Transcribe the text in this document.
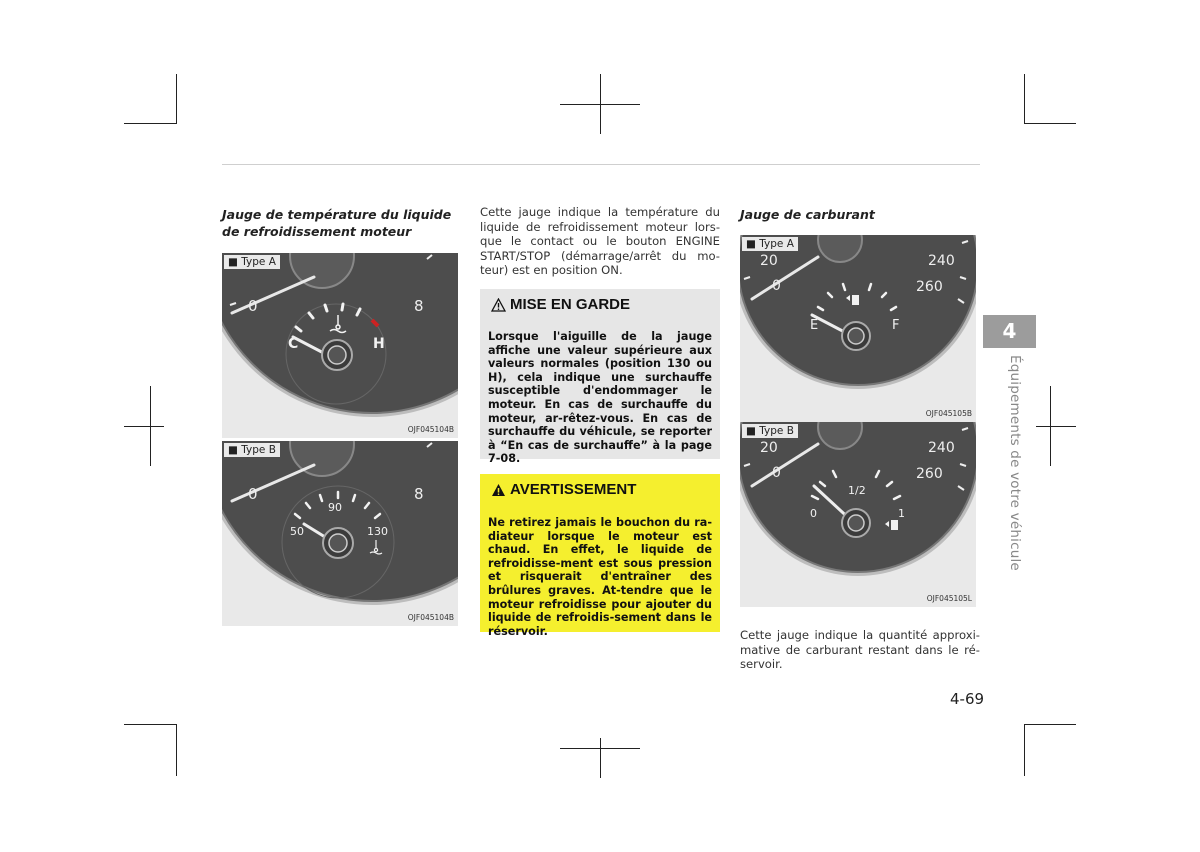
Jauge de température du liquide de refroidissement moteur
■ Type A
0	8
C	H
OJF045104B
■ Type B
0	8
50
90
130
OJF045104B
Cette jauge indique la température du liquide de refroidissement moteur lors-que le contact ou le bouton ENGINE START/STOP (démarrage/arrêt du mo-teur) est en position ON.
MISE EN GARDE
Lorsque l'aiguille de la jauge affiche une valeur supérieure aux valeurs normales (position 130 ou H), cela indique une surchauffe susceptible d'endommager le moteur. En cas de surchauffe du moteur, ar-rêtez-vous. En cas de surchauffe du véhicule, se reporter à “En cas de surchauffe” à la page 7-08.
AVERTISSEMENT
Ne retirez jamais le bouchon du ra-diateur lorsque le moteur est chaud. En effet, le liquide de refroidisse-ment est sous pression et risquerait d'entraîner des brûlures graves. At-tendre que le moteur refroidisse pour ajouter du liquide de refroidis-sement dans le réservoir.
Jauge de carburant
■ Type A
20
0
240
260
E	F
OJF045105B
■ Type B
20
0
240
260
0
1/2
1
OJF045105L
Cette jauge indique la quantité approxi-mative de carburant restant dans le ré-servoir.
4
Équipements de votre véhicule
4-69
